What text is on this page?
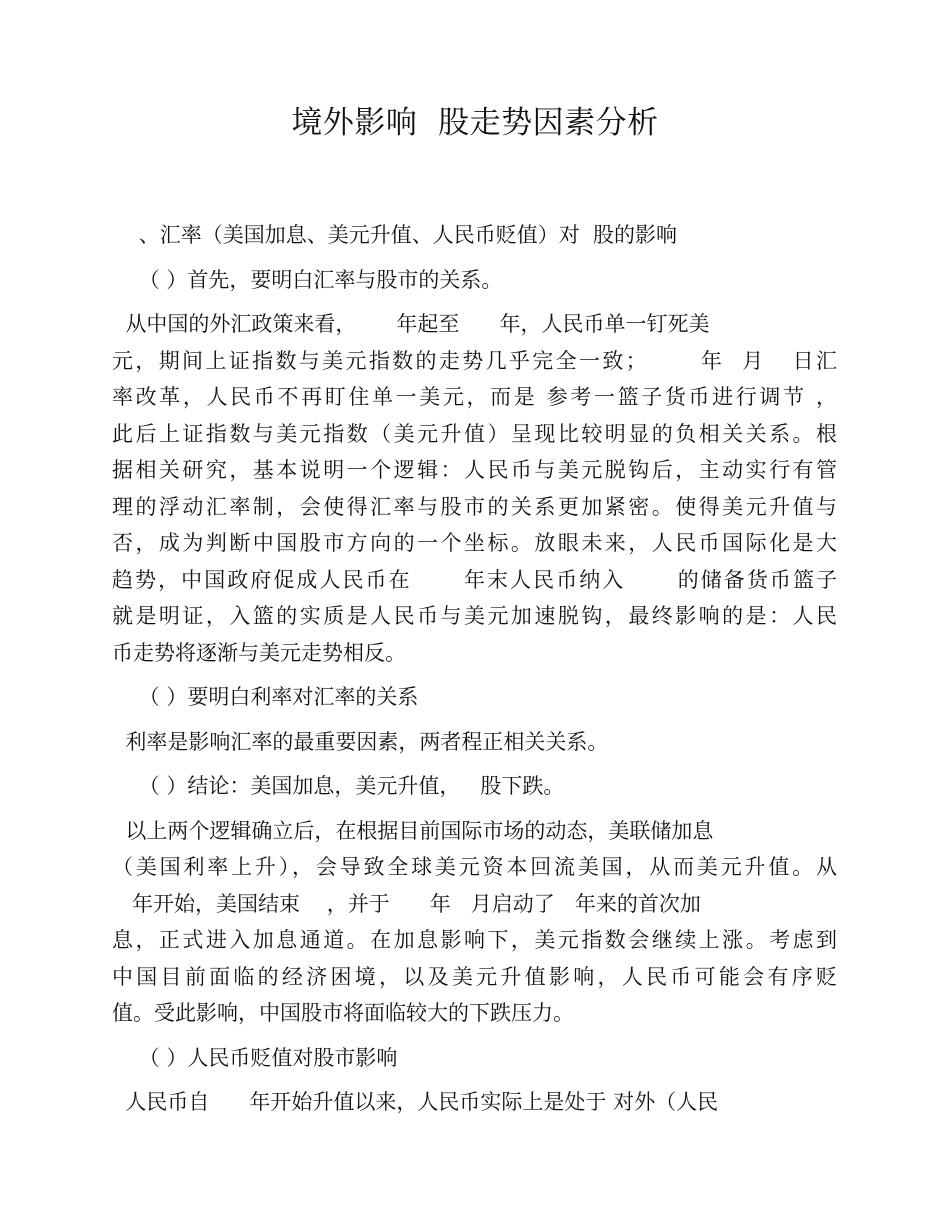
境外影响  股走势因素分析
、汇率（美国加息、美元升值、人民币贬值）对  股的影响
（ ）首先，要明白汇率与股市的关系。
从中国的外汇政策来看，      年起至      年，人民币单一钉死美
元，期间上证指数与美元指数的走势几乎完全一致；      年  月   日汇
率改革，人民币不再盯住单一美元，而是 参考一篮子货币进行调节 ，
此后上证指数与美元指数（美元升值）呈现比较明显的负相关关系。根
据相关研究，基本说明一个逻辑：人民币与美元脱钩后，主动实行有管
理的浮动汇率制，会使得汇率与股市的关系更加紧密。使得美元升值与
否，成为判断中国股市方向的一个坐标。放眼未来，人民币国际化是大
趋势，中国政府促成人民币在      年末人民币纳入      的储备货币篮子
就是明证，入篮的实质是人民币与美元加速脱钩，最终影响的是：人民
币走势将逐渐与美元走势相反。
（ ）要明白利率对汇率的关系
利率是影响汇率的最重要因素，两者程正相关关系。
（ ）结论：美国加息，美元升值，   股下跌。
以上两个逻辑确立后，在根据目前国际市场的动态，美联储加息
（美国利率上升），会导致全球美元资本回流美国，从而美元升值。从
年开始，美国结束    ，并于      年   月启动了   年来的首次加
息，正式进入加息通道。在加息影响下，美元指数会继续上涨。考虑到
中国目前面临的经济困境，以及美元升值影响，人民币可能会有序贬
值。受此影响，中国股市将面临较大的下跌压力。
（ ）人民币贬值对股市影响
人民币自      年开始升值以来，人民币实际上是处于 对外（人民
